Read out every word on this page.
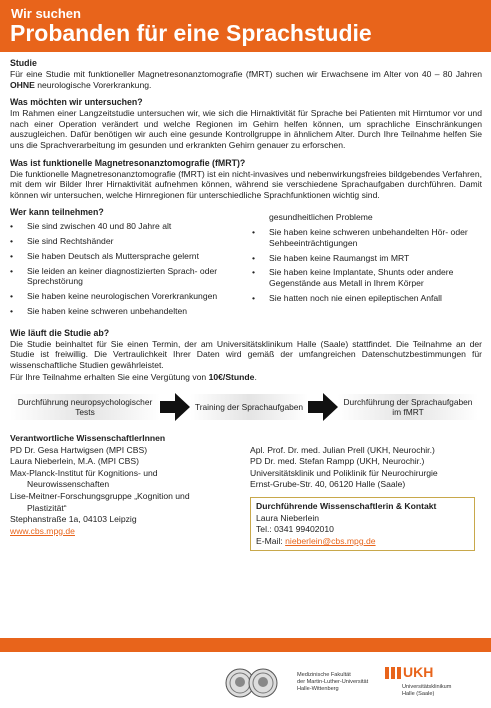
Wir suchen
Probanden für eine Sprachstudie
Studie

Für eine Studie mit funktioneller Magnetresonanztomografie (fMRT) suchen wir Erwachsene im Alter von 40 – 80 Jahren OHNE neurologische Vorerkrankung.

Was möchten wir untersuchen?

Im Rahmen einer Langzeitstudie untersuchen wir, wie sich die Hirnaktivität für Sprache bei Patienten mit Hirntumor vor und nach einer Operation verändert und welche Regionen im Gehirn helfen können, um sprachliche Einschränkungen auszugleichen. Dafür benötigen wir auch eine gesunde Kontrollgruppe in ähnlichem Alter. Durch Ihre Teilnahme helfen Sie uns die Sprachverarbeitung im gesunden und erkrankten Gehirn genauer zu erforschen.

Was ist funktionelle Magnetresonanztomografie (fMRT)?

Die funktionelle Magnetresonanztomografie (fMRT) ist ein nicht-invasives und nebenwirkungsfreies bildgebendes Verfahren, mit dem wir Bilder Ihrer Hirnaktivität aufnehmen können, während sie verschiedene Sprachaufgaben durchführen. Damit können wir untersuchen, welche Hirnregionen für unterschiedliche Sprachfunktionen wichtig sind.

Wer kann teilnehmen?
• Sie sind zwischen 40 und 80 Jahre alt
• Sie sind Rechtshänder
• Sie haben Deutsch als Muttersprache gelernt
• Sie leiden an keiner diagnostizierten Sprach- oder Sprechstörung
• Sie haben keine neurologischen Vorerkrankungen
• Sie haben keine schweren unbehandelten
gesundheitlichen Probleme
• Sie haben keine schweren unbehandelten Hör- oder Sehbeeinträchtigungen
• Sie haben keine Raumangst im MRT
• Sie haben keine Implantate, Shunts oder andere Gegenstände aus Metall in Ihrem Körper
• Sie hatten noch nie einen epileptischen Anfall
Wie läuft die Studie ab?

Die Studie beinhaltet für Sie einen Termin, der am Universitätsklinikum Halle (Saale) stattfindet. Die Teilnahme an der Studie ist freiwillig. Die Vertraulichkeit Ihrer Daten wird gemäß der umfangreichen Datenschutzbestimmungen für wissenschaftliche Studien gewährleistet.

Für Ihre Teilnahme erhalten Sie eine Vergütung von 10€/Stunde.

Durchführung neuropsychologischer Tests	Training der Sprachaufgaben	Durchführung der Sprachaufgaben im fMRT
Verantwortliche WissenschaftlerInnen
PD Dr. Gesa Hartwigsen (MPI CBS)
Laura Nieberlein, M.A. (MPI CBS)
Max-Planck-Institut für Kognitions- und
Neurowissenschaften
Lise-Meitner-Forschungsgruppe „Kognition und
Plastizität“
Stephanstraße 1a, 04103 Leipzig
www.cbs.mpg.de
Apl. Prof. Dr. med. Julian Prell (UKH, Neurochir.)
PD Dr. med. Stefan Rampp (UKH, Neurochir.)
Universitätsklinik und Poliklinik für Neurochirurgie
Ernst-Grube-Str. 40, 06120 Halle (Saale)
Durchführende Wissenschaftlerin & Kontakt
Laura Nieberlein
Tel.: 0341 99402010
E-Mail: nieberlein@cbs.mpg.de
Medizinische Fakultät
der Martin-Luther-Universität
Halle-Wittenberg
UKH
Universitätsklinikum
Halle (Saale)
